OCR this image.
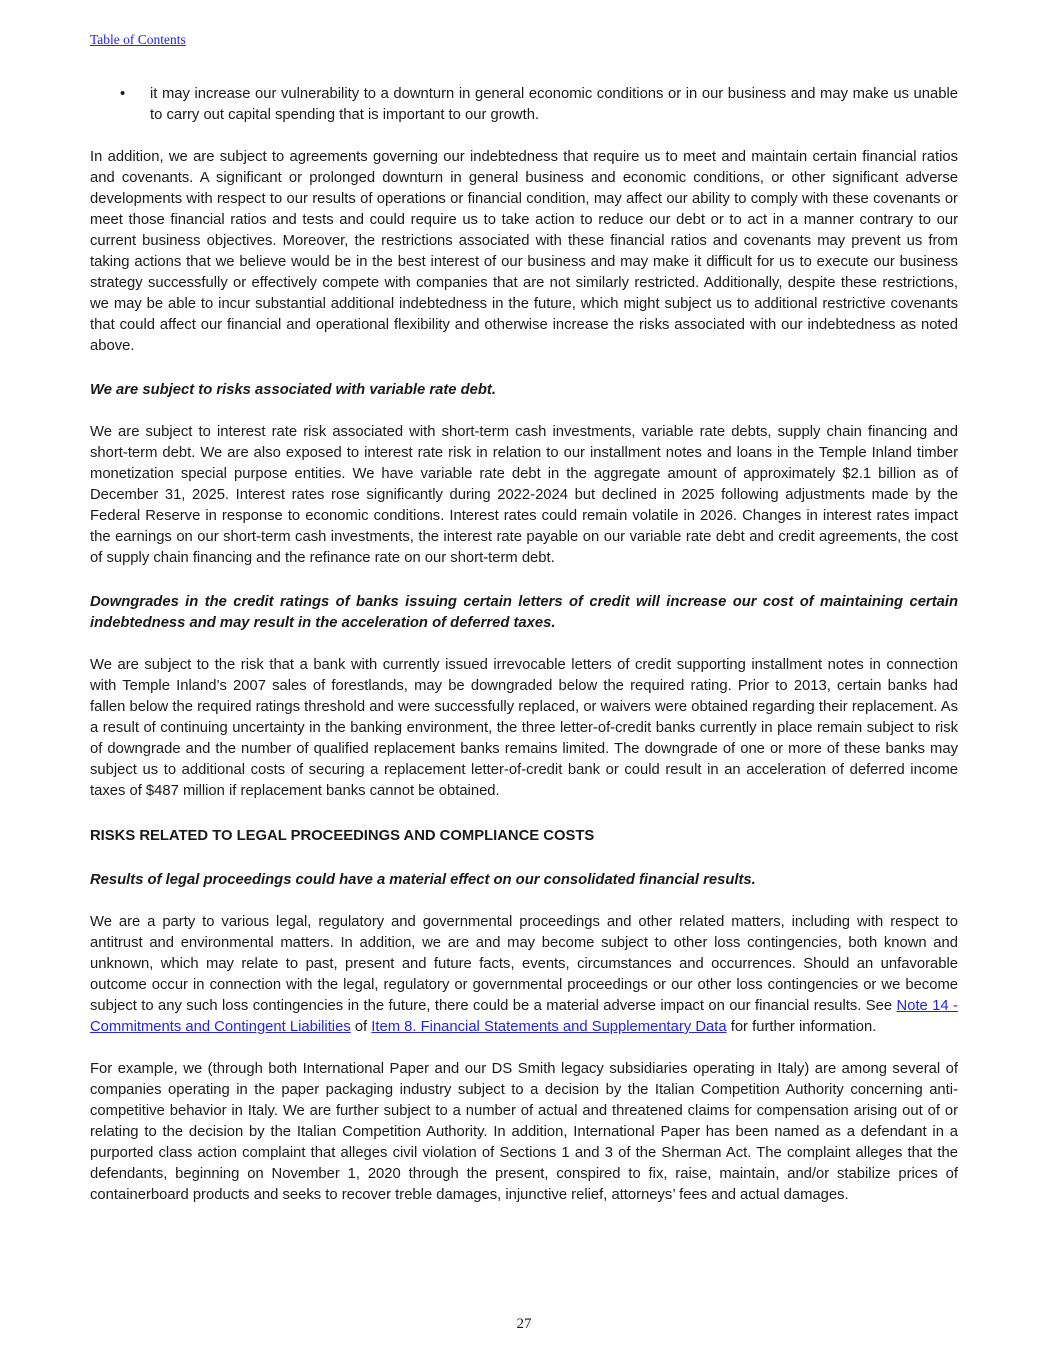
Table of Contents
•	it may increase our vulnerability to a downturn in general economic conditions or in our business and may make us unable to carry out capital spending that is important to our growth.

In addition, we are subject to agreements governing our indebtedness that require us to meet and maintain certain financial ratios and covenants. A significant or prolonged downturn in general business and economic conditions, or other significant adverse developments with respect to our results of operations or financial condition, may affect our ability to comply with these covenants or meet those financial ratios and tests and could require us to take action to reduce our debt or to act in a manner contrary to our current business objectives. Moreover, the restrictions associated with these financial ratios and covenants may prevent us from taking actions that we believe would be in the best interest of our business and may make it difficult for us to execute our business strategy successfully or effectively compete with companies that are not similarly restricted. Additionally, despite these restrictions, we may be able to incur substantial additional indebtedness in the future, which might subject us to additional restrictive covenants that could affect our financial and operational flexibility and otherwise increase the risks associated with our indebtedness as noted above.

We are subject to risks associated with variable rate debt.

We are subject to interest rate risk associated with short-term cash investments, variable rate debts, supply chain financing and short-term debt. We are also exposed to interest rate risk in relation to our installment notes and loans in the Temple Inland timber monetization special purpose entities. We have variable rate debt in the aggregate amount of approximately $2.1 billion as of December 31, 2025. Interest rates rose significantly during 2022-2024 but declined in 2025 following adjustments made by the Federal Reserve in response to economic conditions. Interest rates could remain volatile in 2026. Changes in interest rates impact the earnings on our short-term cash investments, the interest rate payable on our variable rate debt and credit agreements, the cost of supply chain financing and the refinance rate on our short-term debt.

Downgrades in the credit ratings of banks issuing certain letters of credit will increase our cost of maintaining certain indebtedness and may result in the acceleration of deferred taxes.

We are subject to the risk that a bank with currently issued irrevocable letters of credit supporting installment notes in connection with Temple Inland’s 2007 sales of forestlands, may be downgraded below the required rating. Prior to 2013, certain banks had fallen below the required ratings threshold and were successfully replaced, or waivers were obtained regarding their replacement. As a result of continuing uncertainty in the banking environment, the three letter-of-credit banks currently in place remain subject to risk of downgrade and the number of qualified replacement banks remains limited. The downgrade of one or more of these banks may subject us to additional costs of securing a replacement letter-of-credit bank or could result in an acceleration of deferred income taxes of $487 million if replacement banks cannot be obtained.

RISKS RELATED TO LEGAL PROCEEDINGS AND COMPLIANCE COSTS

Results of legal proceedings could have a material effect on our consolidated financial results.

We are a party to various legal, regulatory and governmental proceedings and other related matters, including with respect to antitrust and environmental matters. In addition, we are and may become subject to other loss contingencies, both known and unknown, which may relate to past, present and future facts, events, circumstances and occurrences. Should an unfavorable outcome occur in connection with the legal, regulatory or governmental proceedings or our other loss contingencies or we become subject to any such loss contingencies in the future, there could be a material adverse impact on our financial results. See Note 14 - Commitments and Contingent Liabilities of Item 8. Financial Statements and Supplementary Data for further information.

For example, we (through both International Paper and our DS Smith legacy subsidiaries operating in Italy) are among several of companies operating in the paper packaging industry subject to a decision by the Italian Competition Authority concerning anti-competitive behavior in Italy. We are further subject to a number of actual and threatened claims for compensation arising out of or relating to the decision by the Italian Competition Authority. In addition, International Paper has been named as a defendant in a purported class action complaint that alleges civil violation of Sections 1 and 3 of the Sherman Act. The complaint alleges that the defendants, beginning on November 1, 2020 through the present, conspired to fix, raise, maintain, and/or stabilize prices of containerboard products and seeks to recover treble damages, injunctive relief, attorneys’ fees and actual damages.

27
